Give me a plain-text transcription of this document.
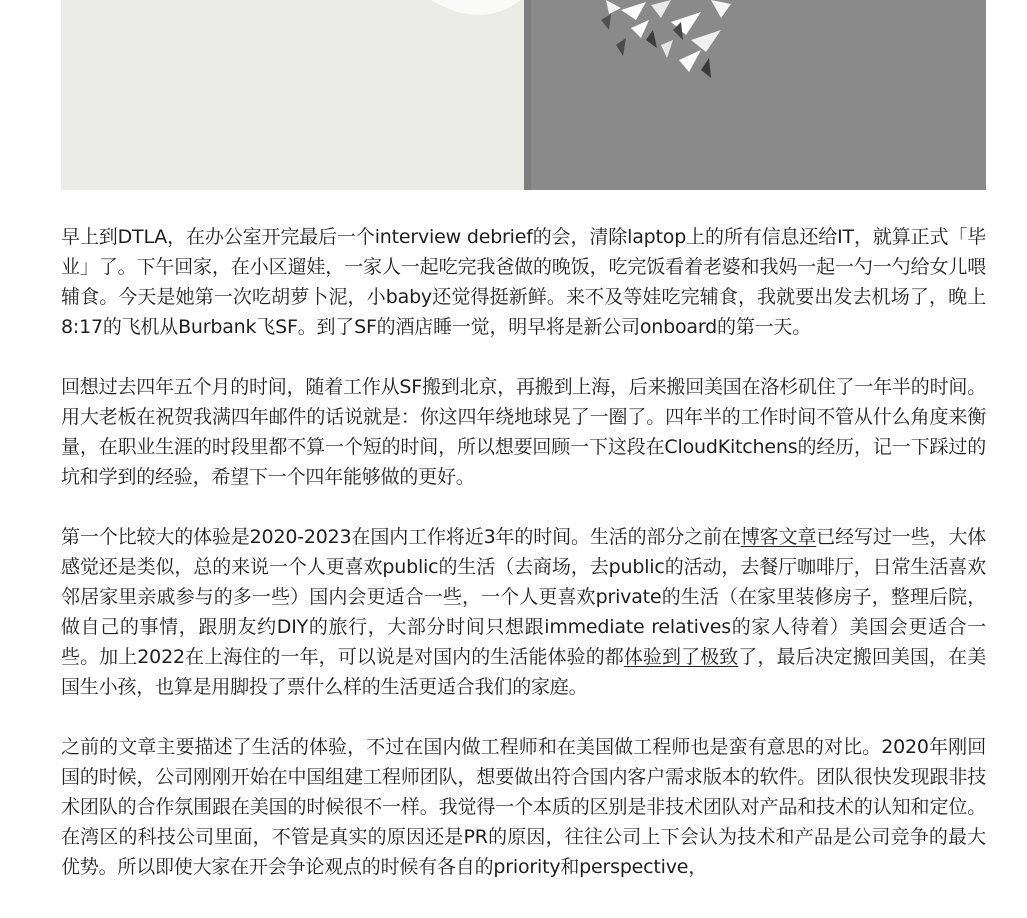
早上到DTLA，在办公室开完最后一个interview debrief的会，清除laptop上的所有信息还给IT，就算正式「毕业」了。下午回家，在小区遛娃，一家人一起吃完我爸做的晚饭，吃完饭看着老婆和我妈一起一勺一勺给女儿喂辅食。今天是她第一次吃胡萝卜泥，小baby还觉得挺新鲜。来不及等娃吃完辅食，我就要出发去机场了，晚上8:17的飞机从Burbank飞SF。到了SF的酒店睡一觉，明早将是新公司onboard的第一天。

回想过去四年五个月的时间，随着工作从SF搬到北京，再搬到上海，后来搬回美国在洛杉矶住了一年半的时间。用大老板在祝贺我满四年邮件的话说就是：你这四年绕地球晃了一圈了。四年半的工作时间不管从什么角度来衡量，在职业生涯的时段里都不算一个短的时间，所以想要回顾一下这段在CloudKitchens的经历，记一下踩过的坑和学到的经验，希望下一个四年能够做的更好。

第一个比较大的体验是2020-2023在国内工作将近3年的时间。生活的部分之前在博客文章已经写过一些，大体感觉还是类似，总的来说一个人更喜欢public的生活（去商场，去public的活动，去餐厅咖啡厅，日常生活喜欢邻居家里亲戚参与的多一些）国内会更适合一些，一个人更喜欢private的生活（在家里装修房子，整理后院，做自己的事情，跟朋友约DIY的旅行，大部分时间只想跟immediate relatives的家人待着）美国会更适合一些。加上2022在上海住的一年，可以说是对国内的生活能体验的都体验到了极致了，最后决定搬回美国，在美国生小孩，也算是用脚投了票什么样的生活更适合我们的家庭。

之前的文章主要描述了生活的体验，不过在国内做工程师和在美国做工程师也是蛮有意思的对比。2020年刚回国的时候，公司刚刚开始在中国组建工程师团队，想要做出符合国内客户需求版本的软件。团队很快发现跟非技术团队的合作氛围跟在美国的时候很不一样。我觉得一个本质的区别是非技术团队对产品和技术的认知和定位。在湾区的科技公司里面，不管是真实的原因还是PR的原因，往往公司上下会认为技术和产品是公司竞争的最大优势。所以即使大家在开会争论观点的时候有各自的priority和perspective，
